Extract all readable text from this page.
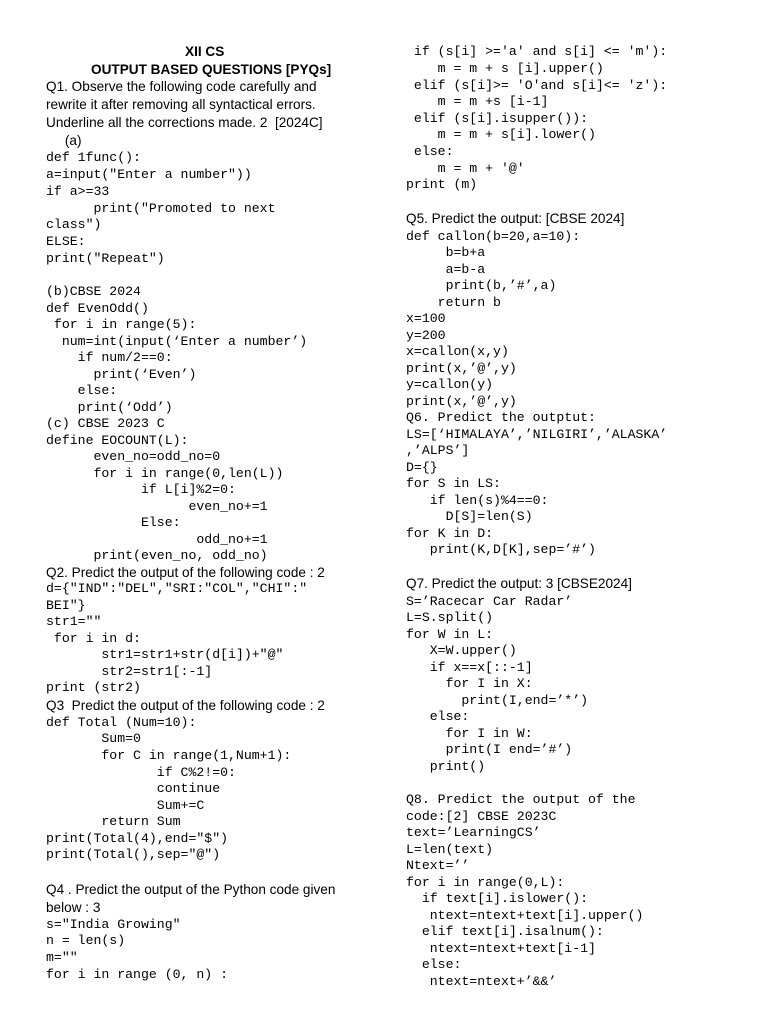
XII CS
OUTPUT BASED QUESTIONS [PYQs]
Q1. Observe the following code carefully and
rewrite it after removing all syntactical errors.
Underline all the corrections made. 2  [2024C]
(a)
def 1func():
a=input("Enter a number"))
if a>=33
print("Promoted to next
class")
ELSE:
print("Repeat")
(b)CBSE 2024
def EvenOdd()
for i in range(5):
num=int(input(‘Enter a number’)
if num/2==0:
print(‘Even’)
else:
print(‘Odd’)
(c) CBSE 2023 C
define EOCOUNT(L):
even_no=odd_no=0
for i in range(0,len(L))
if L[i]%2=0:
even_no+=1
Else:
odd_no+=1
print(even_no, odd_no)
Q2. Predict the output of the following code : 2
d={"IND":"DEL","SRI:"COL","CHI":"
BEI"}
str1=""
for i in d:
str1=str1+str(d[i])+"@"
str2=str1[:-1]
print (str2)
Q3  Predict the output of the following code : 2
def Total (Num=10):
Sum=0
for C in range(1,Num+1):
if C%2!=0:
continue
Sum+=C
return Sum
print(Total(4),end="$")
print(Total(),sep="@")
Q4 . Predict the output of the Python code given
below : 3
s="India Growing"
n = len(s)
m=""
for i in range (0, n) :
if (s[i] >='a' and s[i] <= 'm'):
m = m + s [i].upper()
elif (s[i]>= 'O'and s[i]<= 'z'):
m = m +s [i-1]
elif (s[i].isupper()):
m = m + s[i].lower()
else:
m = m + '@'
print (m)
Q5. Predict the output: [CBSE 2024]
def callon(b=20,a=10):
b=b+a
a=b-a
print(b,’#’,a)
return b
x=100
y=200
x=callon(x,y)
print(x,’@’,y)
y=callon(y)
print(x,’@’,y)
Q6. Predict the outptut:
LS=[‘HIMALAYA’,’NILGIRI’,’ALASKA’
,’ALPS’]
D={}
for S in LS:
if len(s)%4==0:
D[S]=len(S)
for K in D:
print(K,D[K],sep=’#’)
Q7. Predict the output: 3 [CBSE2024]
S=’Racecar Car Radar’
L=S.split()
for W in L:
X=W.upper()
if x==x[::-1]
for I in X:
print(I,end=’*’)
else:
for I in W:
print(I end=’#’)
print()
Q8. Predict the output of the
code:[2] CBSE 2023C
text=’LearningCS’
L=len(text)
Ntext=’’
for i in range(0,L):
if text[i].islower():
ntext=ntext+text[i].upper()
elif text[i].isalnum():
ntext=ntext+text[i-1]
else:
ntext=ntext+’&&’
